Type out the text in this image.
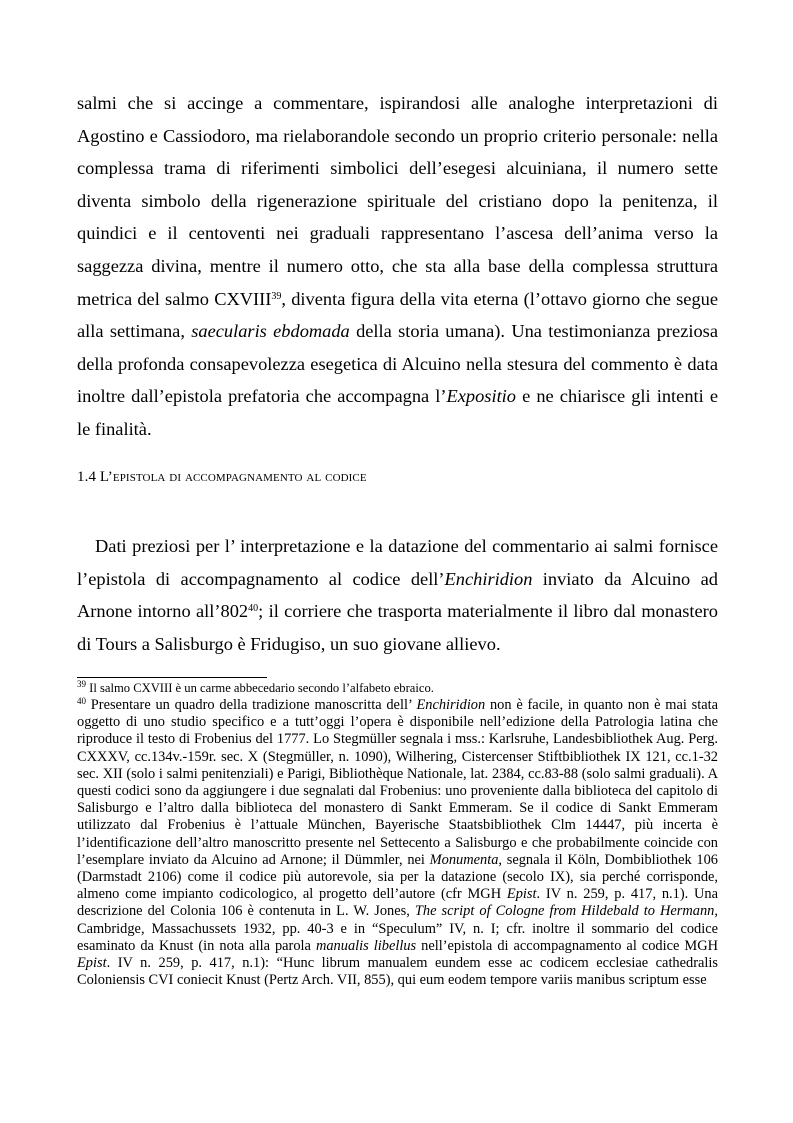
salmi che si accinge a commentare, ispirandosi alle analoghe interpretazioni di Agostino e Cassiodoro, ma rielaborandole secondo un proprio criterio personale: nella complessa trama di riferimenti simbolici dell’esegesi alcuiniana, il numero sette diventa simbolo della rigenerazione spirituale del cristiano dopo la penitenza, il quindici e il centoventi nei graduali rappresentano l’ascesa dell’anima verso la saggezza divina, mentre il numero otto, che sta alla base della complessa struttura metrica del salmo CXVIII$^{39}$, diventa figura della vita eterna (l’ottavo giorno che segue alla settimana, saecularis ebdomada della storia umana). Una testimonianza preziosa della profonda consapevolezza esegetica di Alcuino nella stesura del commento è data inoltre dall’epistola prefatoria che accompagna l’Expositio e ne chiarisce gli intenti e le finalità.

1.4 L’epistola di accompagnamento al codice

Dati preziosi per l’ interpretazione e la datazione del commentario ai salmi fornisce l’epistola di accompagnamento al codice dell’Enchiridion inviato da Alcuino ad Arnone intorno $all’802^{40}$; il corriere che trasporta materialmente il libro dal monastero di Tours a Salisburgo è Fridugiso, un suo giovane allievo.

$^{39}$ Il salmo CXVIII è un carme abbecedario secondo l’alfabeto ebraico.
$^{40}$ Presentare un quadro della tradizione manoscritta dell’ Enchiridion non è facile, in quanto non è mai stata oggetto di uno studio specifico e a tutt’oggi l’opera è disponibile nell’edizione della Patrologia latina che riproduce il testo di Frobenius del 1777. Lo Stegmüller segnala i mss.: Karlsruhe, Landesbibliothek Aug. Perg. CXXXV, cc.134v.-159r. sec. X (Stegmüller, n. 1090), Wilhering, Cistercenser Stiftbibliothek IX 121, cc.1-32 sec. XII (solo i salmi penitenziali) e Parigi, Bibliothèque Nationale, lat. 2384, cc.83-88 (solo salmi graduali). A questi codici sono da aggiungere i due segnalati dal Frobenius: uno proveniente dalla biblioteca del capitolo di Salisburgo e l’altro dalla biblioteca del monastero di Sankt Emmeram. Se il codice di Sankt Emmeram utilizzato dal Frobenius è l’attuale München, Bayerische Staatsbibliothek Clm 14447, più incerta è l’identificazione dell’altro manoscritto presente nel Settecento a Salisburgo e che probabilmente coincide con l’esemplare inviato da Alcuino ad Arnone; il Dümmler, nei Monumenta, segnala il Köln, Dombibliothek 106 (Darmstadt 2106) come il codice più autorevole, sia per la datazione (secolo IX), sia perché corrisponde, almeno come impianto codicologico, al progetto dell’autore (cfr MGH Epist. IV n. 259, p. 417, n.1). Una descrizione del Colonia 106 è contenuta in L. W. Jones, The script of Cologne from Hildebald to Hermann, Cambridge, Massachussets 1932, pp. 40-3 e in “Speculum” IV, n. I; cfr. inoltre il sommario del codice esaminato da Knust (in nota alla parola manualis libellus nell’epistola di accompagnamento al codice MGH Epist. IV n. 259, p. 417, n.1): “Hunc librum manualem eundem esse ac codicem ecclesiae cathedralis Coloniensis CVI coniecit Knust (Pertz Arch. VII, 855), qui eum eodem tempore variis manibus scriptum esse
